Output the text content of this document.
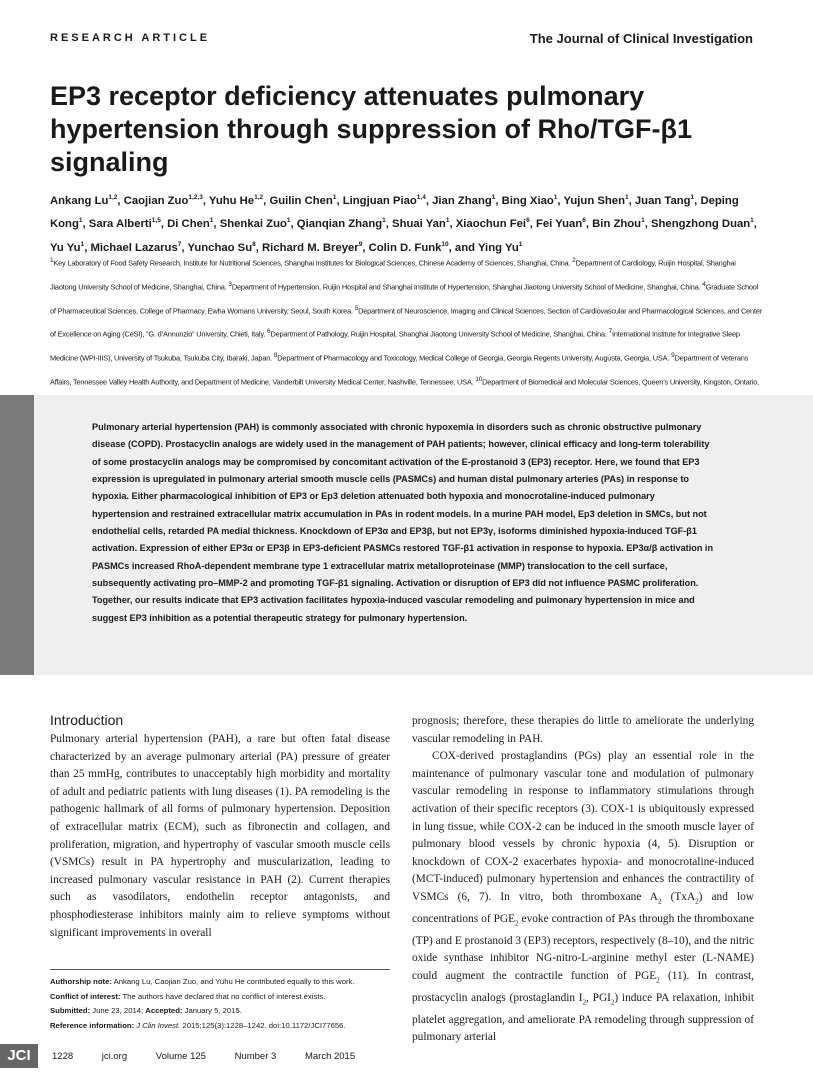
RESEARCH ARTICLE	The Journal of Clinical Investigation
EP3 receptor deficiency attenuates pulmonary hypertension through suppression of Rho/TGF-β1 signaling
Ankang Lu$^{1,2}$, Caojian Zuo$^{1,2,3}$, Yuhu He$^{1,2}$, Guilin Chen$^1$, Lingjuan Piao$^{1,4}$, Jian Zhang$^1$, Bing Xiao$^1$, Yujun Shen$^1$, Juan Tang$^1$, Deping Kong$^1$, Sara Alberti$^{1,5}$, Di Chen$^1$, Shenkai Zuo$^1$, Qianqian Zhang$^1$, Shuai Yan$^1$, Xiaochun Fei$^6$, Fei Yuan$^6$, Bin Zhou$^1$, Shengzhong Duan$^1$, Yu Yu$^1$, Michael Lazarus$^7$, Yunchao Su$^8$, Richard M. Breyer$^9$, Colin D. Funk$^{10}$, and Ying Yu$^1$
$^1$Key Laboratory of Food Safety Research, Institute for Nutritional Sciences, Shanghai Institutes for Biological Sciences, Chinese Academy of Sciences, Shanghai, China. $^2$Department of Cardiology, Ruijin Hospital, Shanghai Jiaotong University School of Medicine, Shanghai, China. $^3$Department of Hypertension, Ruijin Hospital and Shanghai Institute of Hypertension, Shanghai Jiaotong University School of Medicine, Shanghai, China. $^4$Graduate School of Pharmaceutical Sciences, College of Pharmacy, Ewha Womans University, Seoul, South Korea. $^5$Department of Neuroscience, Imaging and Clinical Sciences, Section of Cardiovascular and Pharmacological Sciences, and Center of Excellence on Aging (CeSI), “G. d’Annunzio” University, Chieti, Italy. $^6$Department of Pathology, Ruijin Hospital, Shanghai Jiaotong University School of Medicine, Shanghai, China. $^7$International Institute for Integrative Sleep Medicine (WPI-IIIS), University of Tsukuba, Tsukuba City, Ibaraki, Japan. $^8$Department of Pharmacology and Toxicology, Medical College of Georgia, Georgia Regents University, Augusta, Georgia, USA. $^9$Department of Veterans Affairs, Tennessee Valley Health Authority, and Department of Medicine, Vanderbilt University Medical Center, Nashville, Tennessee, USA. $^{10}$Department of Biomedical and Molecular Sciences, Queen’s University, Kingston, Ontario,

Pulmonary arterial hypertension (PAH) is commonly associated with chronic hypoxemia in disorders such as chronic obstructive pulmonary disease (COPD). Prostacyclin analogs are widely used in the management of PAH patients; however, clinical efficacy and long-term tolerability of some prostacyclin analogs may be compromised by concomitant activation of the E-prostanoid 3 (EP3) receptor. Here, we found that EP3 expression is upregulated in pulmonary arterial smooth muscle cells (PASMCs) and human distal pulmonary arteries (PAs) in response to hypoxia. Either pharmacological inhibition of EP3 or Ep3 deletion attenuated both hypoxia and monocrotaline-induced pulmonary hypertension and restrained extracellular matrix accumulation in PAs in rodent models. In a murine PAH model, Ep3 deletion in SMCs, but not endothelial cells, retarded PA medial thickness. Knockdown of EP3α and EP3β, but not EP3γ, isoforms diminished hypoxia-induced TGF-β1 activation. Expression of either EP3α or EP3β in EP3-deficient PASMCs restored TGF-β1 activation in response to hypoxia. EP3α/β activation in PASMCs increased RhoA-dependent membrane type 1 extracellular matrix metalloproteinase (MMP) translocation to the cell surface, subsequently activating pro–MMP-2 and promoting TGF-β1 signaling. Activation or disruption of EP3 did not influence PASMC proliferation. Together, our results indicate that EP3 activation facilitates hypoxia-induced vascular remodeling and pulmonary hypertension in mice and suggest EP3 inhibition as a potential therapeutic strategy for pulmonary hypertension.

Introduction

Pulmonary arterial hypertension (PAH), a rare but often fatal disease characterized by an average pulmonary arterial (PA) pressure of greater than 25 mmHg, contributes to unacceptably high morbidity and mortality of adult and pediatric patients with lung diseases (1). PA remodeling is the pathogenic hallmark of all forms of pulmonary hypertension. Deposition of extracellular matrix (ECM), such as fibronectin and collagen, and proliferation, migration, and hypertrophy of vascular smooth muscle cells (VSMCs) result in PA hypertrophy and muscularization, leading to increased pulmonary vascular resistance in PAH (2). Current therapies such as vasodilators, endothelin receptor antagonists, and phosphodiesterase inhibitors mainly aim to relieve symptoms without significant improvements in overall

prognosis; therefore, these therapies do little to ameliorate the underlying vascular remodeling in PAH.

COX-derived prostaglandins (PGs) play an essential role in the maintenance of pulmonary vascular tone and modulation of pulmonary vascular remodeling in response to inflammatory stimulations through activation of their specific receptors (3). COX-1 is ubiquitously expressed in lung tissue, while COX-2 can be induced in the smooth muscle layer of pulmonary blood vessels by chronic hypoxia (4, 5). Disruption or knockdown of COX-2 exacerbates hypoxia- and monocrotaline-induced (MCT-induced) pulmonary hypertension and enhances the contractility of VSMCs (6, 7). In vitro, both thromboxane $A_2$ (TxA$_2$) and low concentrations of $PGE_2$ evoke contraction of PAs through the thromboxane (TP) and E prostanoid 3 (EP3) receptors, respectively (8–10), and the nitric oxide synthase inhibitor NG-nitro-L-arginine methyl ester (L-NAME) could augment the contractile function of $PGE_2$ (11). In contrast, prostacyclin analogs (prostaglandin $I_2$, $PGI_2$) induce PA relaxation, inhibit platelet aggregation, and ameliorate PA remodeling through suppression of pulmonary arterial

Authorship note: Ankang Lu, Caojian Zuo, and Yuhu He contributed equally to this work.
Conflict of interest: The authors have declared that no conflict of interest exists.
Submitted: June 23, 2014; Accepted: January 5, 2015.
Reference information: J Clin Invest. 2015;125(3):1228–1242. doi:10.1172/JCI77656.
JCI	1228	jci.org	Volume 125	Number 3	March 2015
